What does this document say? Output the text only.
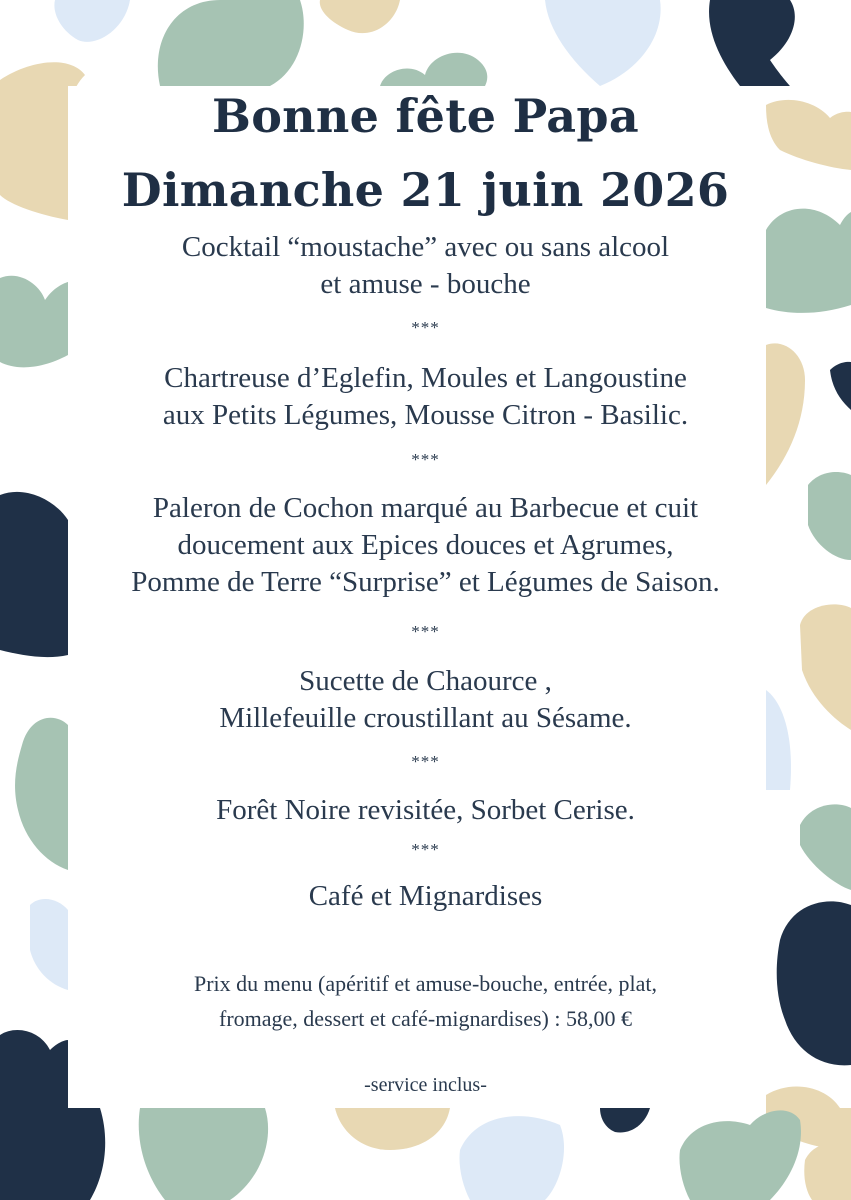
Bonne fête Papa
Dimanche 21 juin 2026
Cocktail “moustache” avec ou sans alcool
et amuse - bouche
***
Chartreuse d’Eglefin, Moules et Langoustine
aux Petits Légumes, Mousse Citron - Basilic.
***
Paleron de Cochon marqué au Barbecue et cuit
doucement aux Epices douces et Agrumes,
Pomme de Terre “Surprise” et Légumes de Saison.
***
Sucette de Chaource ,
Millefeuille croustillant au Sésame.
***
Forêt Noire revisitée, Sorbet Cerise.
***
Café et Mignardises
Prix du menu (apéritif et amuse-bouche, entrée, plat,
fromage, dessert et café-mignardises) : 58,00 €
-service inclus-
